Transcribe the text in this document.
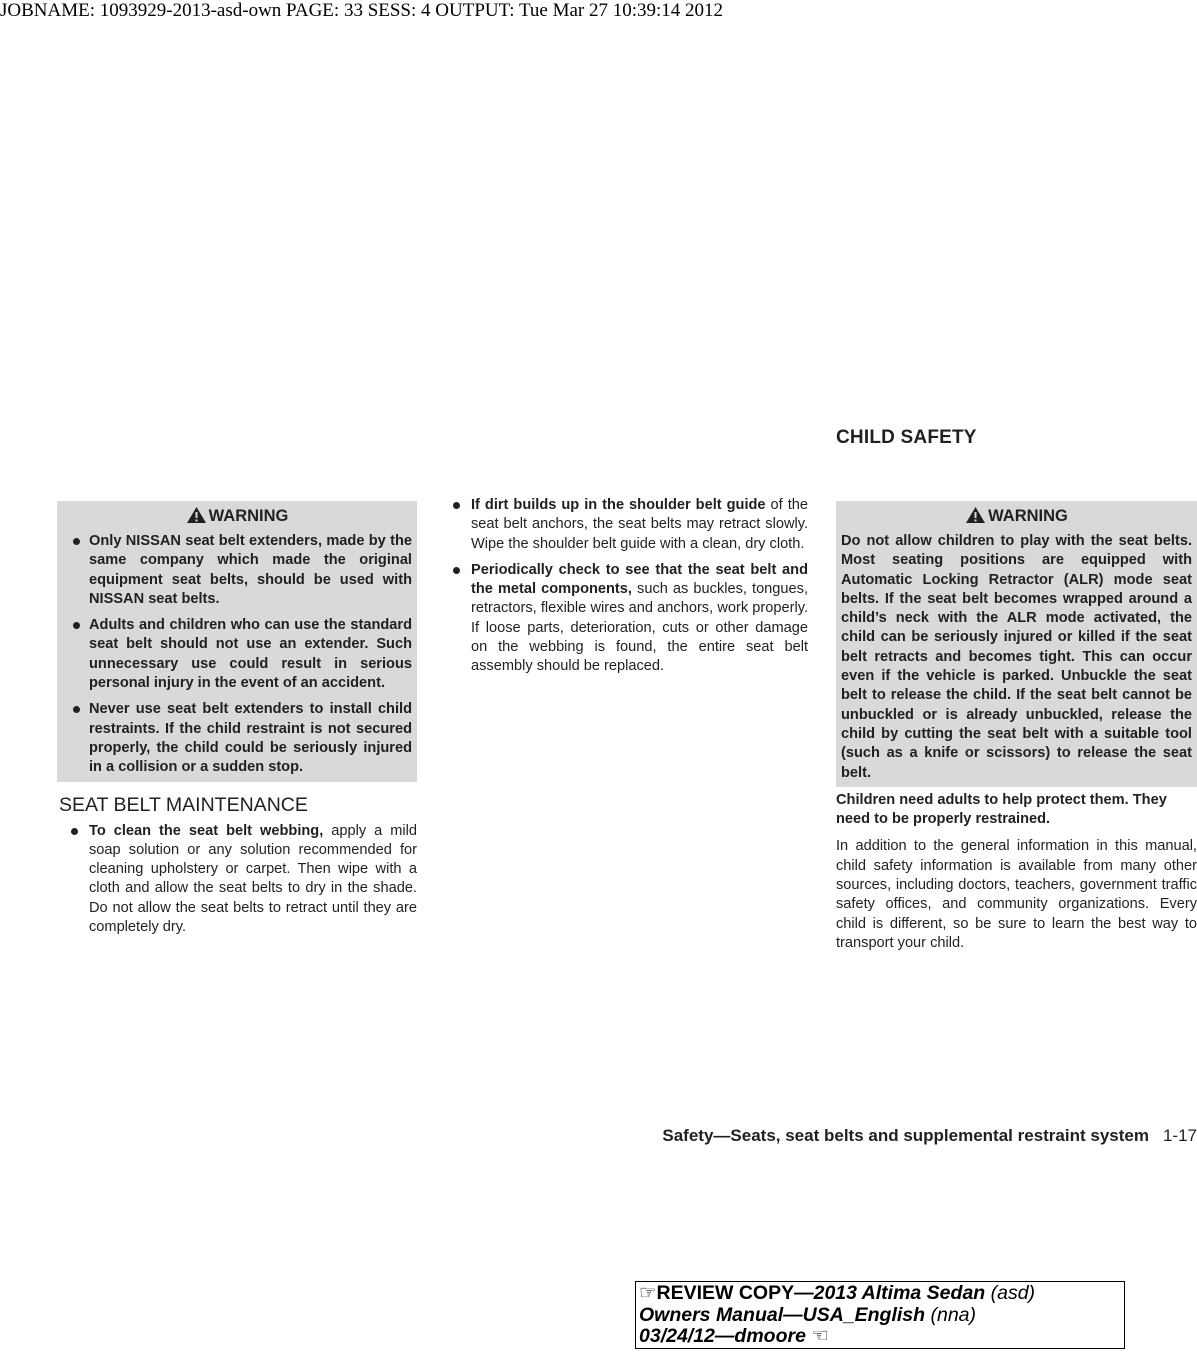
JOBNAME: 1093929-2013-asd-own PAGE: 33 SESS: 4 OUTPUT: Tue Mar 27 10:39:14 2012
CHILD SAFETY
WARNING
Only NISSAN seat belt extenders, made by the same company which made the original equipment seat belts, should be used with NISSAN seat belts.
Adults and children who can use the standard seat belt should not use an extender. Such unnecessary use could result in serious personal injury in the event of an accident.
Never use seat belt extenders to install child restraints. If the child restraint is not secured properly, the child could be seriously injured in a collision or a sudden stop.
SEAT BELT MAINTENANCE
To clean the seat belt webbing, apply a mild soap solution or any solution recommended for cleaning upholstery or carpet. Then wipe with a cloth and allow the seat belts to dry in the shade. Do not allow the seat belts to retract until they are completely dry.
If dirt builds up in the shoulder belt guide of the seat belt anchors, the seat belts may retract slowly. Wipe the shoulder belt guide with a clean, dry cloth.
Periodically check to see that the seat belt and the metal components, such as buckles, tongues, retractors, flexible wires and anchors, work properly. If loose parts, deterioration, cuts or other damage on the webbing is found, the entire seat belt assembly should be replaced.
WARNING

Do not allow children to play with the seat belts. Most seating positions are equipped with Automatic Locking Retractor (ALR) mode seat belts. If the seat belt becomes wrapped around a child’s neck with the ALR mode activated, the child can be seriously injured or killed if the seat belt retracts and becomes tight. This can occur even if the vehicle is parked. Unbuckle the seat belt to release the child. If the seat belt cannot be unbuckled or is already unbuckled, release the child by cutting the seat belt with a suitable tool (such as a knife or scissors) to release the seat belt.

Children need adults to help protect them. They need to be properly restrained.

In addition to the general information in this manual, child safety information is available from many other sources, including doctors, teachers, government traffic safety offices, and community organizations. Every child is different, so be sure to learn the best way to transport your child.

Safety—Seats, seat belts and supplemental restraint system 1-17
☞REVIEW COPY—2013 Altima Sedan (asd)
Owners Manual—USA_English (nna)
03/24/12—dmoore ☜
